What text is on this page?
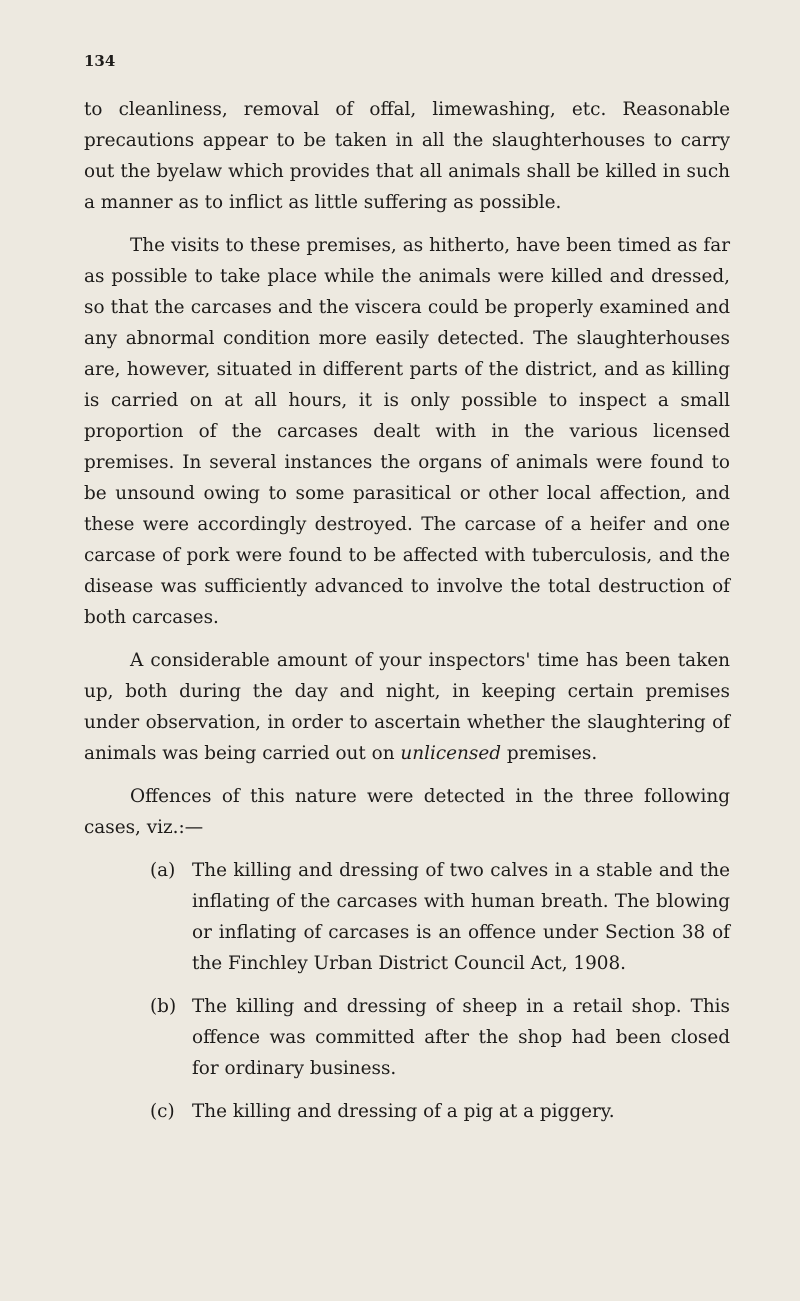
134

to cleanliness, removal of offal, limewashing, etc. Reasonable precautions appear to be taken in all the slaughterhouses to carry out the byelaw which provides that all animals shall be killed in such a manner as to inflict as little suffering as possible.

The visits to these premises, as hitherto, have been timed as far as possible to take place while the animals were killed and dressed, so that the carcases and the viscera could be properly examined and any abnormal condition more easily detected. The slaughterhouses are, however, situated in different parts of the district, and as killing is carried on at all hours, it is only possible to inspect a small proportion of the carcases dealt with in the various licensed premises. In several instances the organs of animals were found to be unsound owing to some parasitical or other local affection, and these were accordingly destroyed. The carcase of a heifer and one carcase of pork were found to be affected with tuberculosis, and the disease was sufficiently advanced to involve the total destruction of both carcases.

A considerable amount of your inspectors' time has been taken up, both during the day and night, in keeping certain premises under observation, in order to ascertain whether the slaughtering of animals was being carried out on unlicensed premises.

Offences of this nature were detected in the three following cases, viz.:—

(a) The killing and dressing of two calves in a stable and the inflating of the carcases with human breath. The blowing or inflating of carcases is an offence under Section 38 of the Finchley Urban District Council Act, 1908.
(b) The killing and dressing of sheep in a retail shop. This offence was committed after the shop had been closed for ordinary business.
(c) The killing and dressing of a pig at a piggery.
